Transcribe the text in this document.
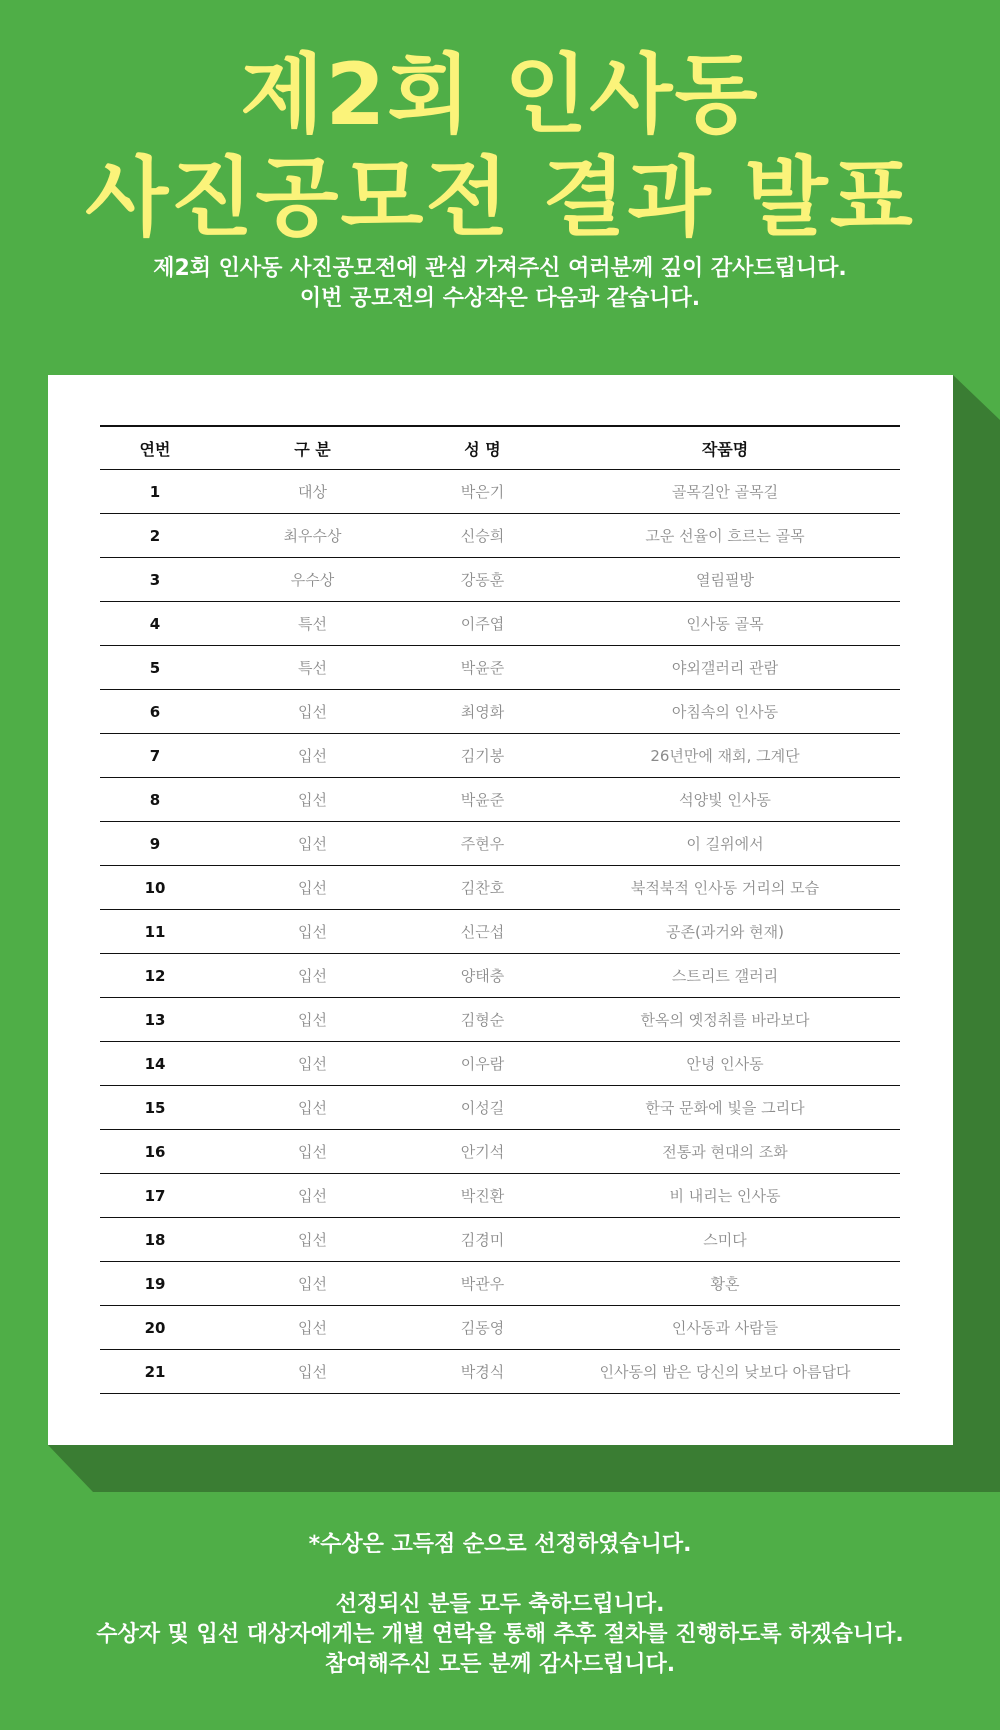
제2회 인사동
사진공모전 결과 발표

제2회 인사동 사진공모전에 관심 가져주신 여러분께 깊이 감사드립니다.
이번 공모전의 수상작은 다음과 같습니다.

연번	구 분	성 명	작품명
1	대상	박은기	골목길안 골목길
2	최우수상	신승희	고운 선율이 흐르는 골목
3	우수상	강동훈	열림필방
4	특선	이주엽	인사동 골목
5	특선	박윤준	야외갤러리 관람
6	입선	최영화	아침속의 인사동
7	입선	김기봉	26년만에 재회, 그계단
8	입선	박윤준	석양빛 인사동
9	입선	주현우	이 길위에서
10	입선	김찬호	북적북적 인사동 거리의 모습
11	입선	신근섭	공존(과거와 현재)
12	입선	양태충	스트리트 갤러리
13	입선	김형순	한옥의 옛정취를 바라보다
14	입선	이우람	안녕 인사동
15	입선	이성길	한국 문화에 빛을 그리다
16	입선	안기석	전통과 현대의 조화
17	입선	박진환	비 내리는 인사동
18	입선	김경미	스미다
19	입선	박관우	황혼
20	입선	김동영	인사동과 사람들
21	입선	박경식	인사동의 밤은 당신의 낮보다 아름답다

*수상은 고득점 순으로 선정하였습니다.

선정되신 분들 모두 축하드립니다.
수상자 및 입선 대상자에게는 개별 연락을 통해 추후 절차를 진행하도록 하겠습니다.
참여해주신 모든 분께 감사드립니다.
